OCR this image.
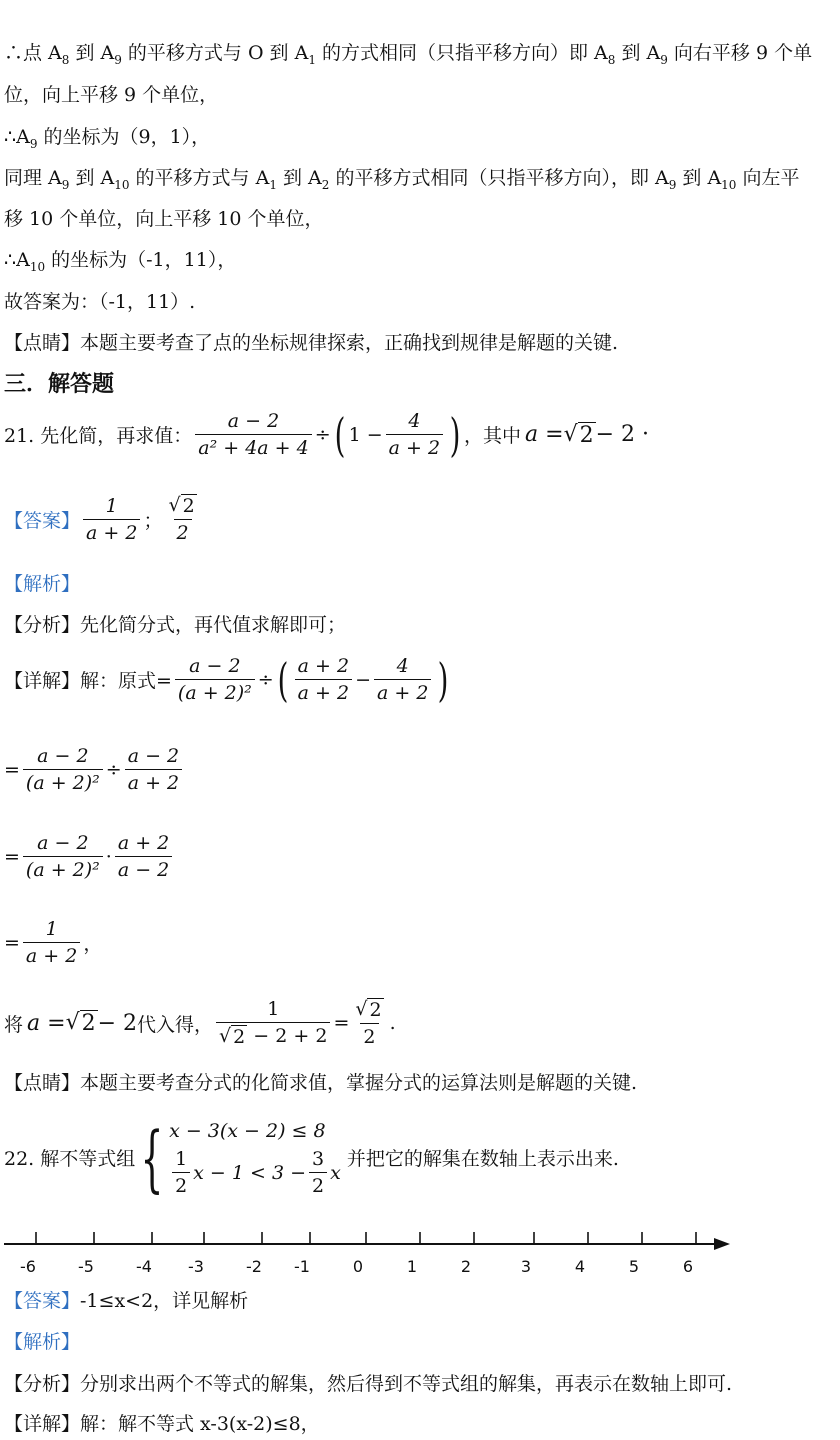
∴点 $A_8$ 到 $A_9$ 的平移方式与 O 到 $A_1$ 的方式相同（只指平移方向）即 $A_8$ 到 $A_9$ 向右平移 9 个单
位，向上平移 9 个单位，
$\therefore A_9$ 的坐标为（9，1），
同理 $A_9$ 到 $A_{10}$ 的平移方式与 $A_1$ 到 $A_2$ 的平移方式相同（只指平移方向），即 $A_9$ 到 $A_{10}$ 向左平
移 10 个单位，向上平移 10 个单位，
$\therefore A_{10}$ 的坐标为（-1，11），
故答案为：（-1，11）.
【点睛】本题主要考查了点的坐标规律探索，正确找到规律是解题的关键.
三．解答题
21. 先化简，再求值： $\frac{a - 2}{\text{a² + 4a + 4}}$ ÷ ( $1 - \frac{4}{a + 2}$ ) ，其中 a = √ 2 − 2 ·
【答案】 $\frac{1}{a + 2}$ ； $\frac{√ 2}{2}$
【解析】
【分析】先化简分式，再代值求解即可；
【详解】解：原式= $\frac{a - 2}{\text{(a + 2)²}}$ ÷ ( $\frac{a + 2}{a + 2} - \frac{4}{a + 2}$ )
= $\frac{a - 2}{\text{(a + 2)²}} \div \frac{a - 2}{a + 2}$
= $\frac{a - 2}{\text{(a + 2)²}} \cdot \frac{a + 2}{a - 2}$
= $\frac{1}{a + 2}$ ，
将 a = √ 2 − 2 代入得， $\frac{1}{√ 2 - 2 + 2} = \frac{√ 2}{2}$ .
【点睛】本题主要考查分式的化简求值，掌握分式的运算法则是解题的关键.
22. 解不等式组 { x − 3(x − 2) ≤ 8
$\frac{1}{2}$ $x - 1 < 3 - \frac{3}{2}$ x
并把它的解集在数轴上表示出来.
-6	-5	-4 -3	-2 -1	0	1	2	3	4	5	6
【答案】-1≤x<2，详见解析
【解析】
【分析】分别求出两个不等式的解集，然后得到不等式组的解集，再表示在数轴上即可.
【详解】解：解不等式 x-3(x-2)≤8，
